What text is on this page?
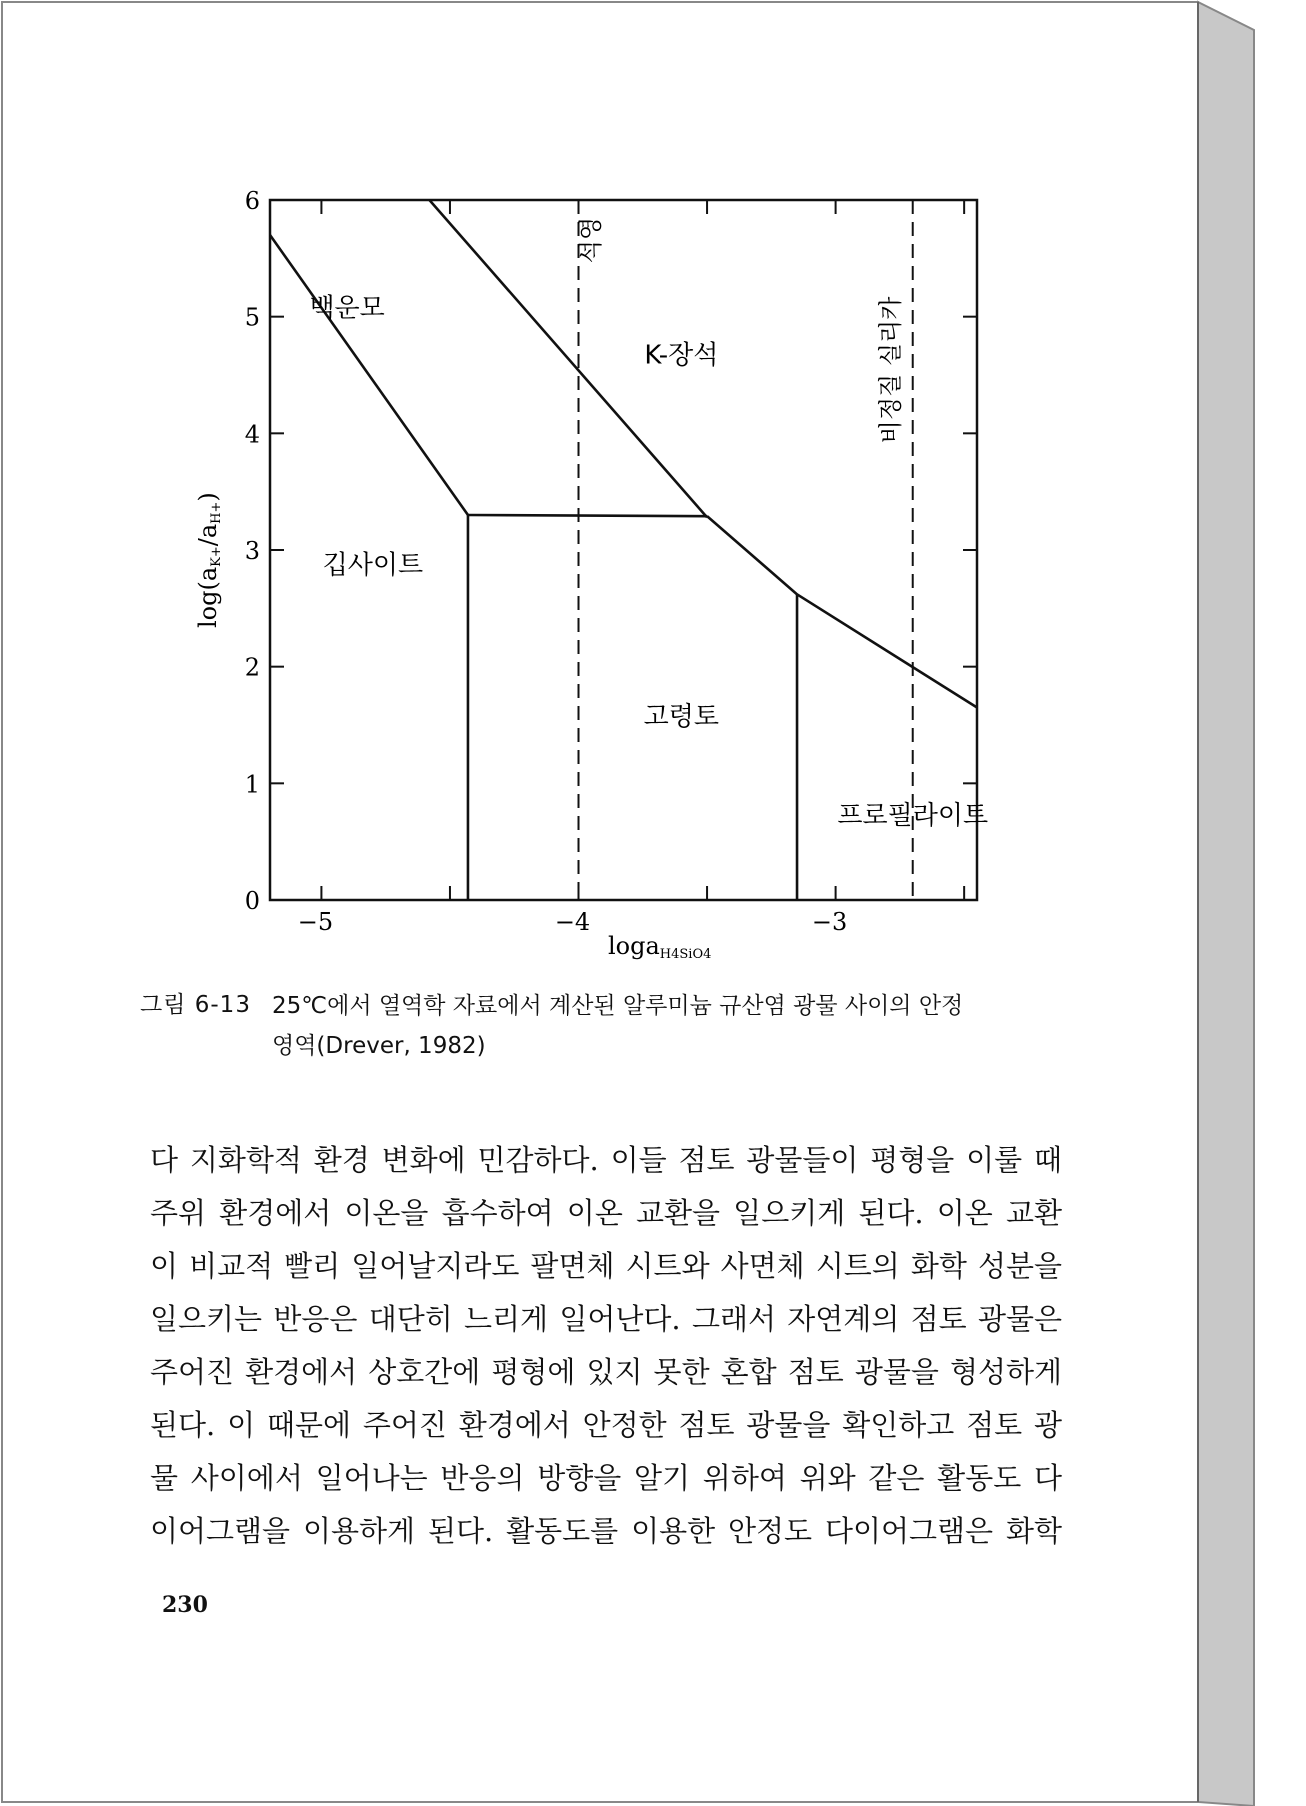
0
1
2
3
4
5
6
−5	−4	−3
석영
비정질 실리카
백운모
K-장석
깁사이트
고령토
프로필라이트
logaH4SiO4
log(aK+/aH+)
그림 6-13 25℃에서 열역학 자료에서 계산된 알루미늄 규산염 광물 사이의 안정
영역(Drever, 1982)
다 지화학적 환경 변화에 민감하다. 이들 점토 광물들이 평형을 이룰 때
주위 환경에서 이온을 흡수하여 이온 교환을 일으키게 된다. 이온 교환
이 비교적 빨리 일어날지라도 팔면체 시트와 사면체 시트의 화학 성분을
일으키는 반응은 대단히 느리게 일어난다. 그래서 자연계의 점토 광물은
주어진 환경에서 상호간에 평형에 있지 못한 혼합 점토 광물을 형성하게
된다. 이 때문에 주어진 환경에서 안정한 점토 광물을 확인하고 점토 광
물 사이에서 일어나는 반응의 방향을 알기 위하여 위와 같은 활동도 다
이어그램을 이용하게 된다. 활동도를 이용한 안정도 다이어그램은 화학
230
